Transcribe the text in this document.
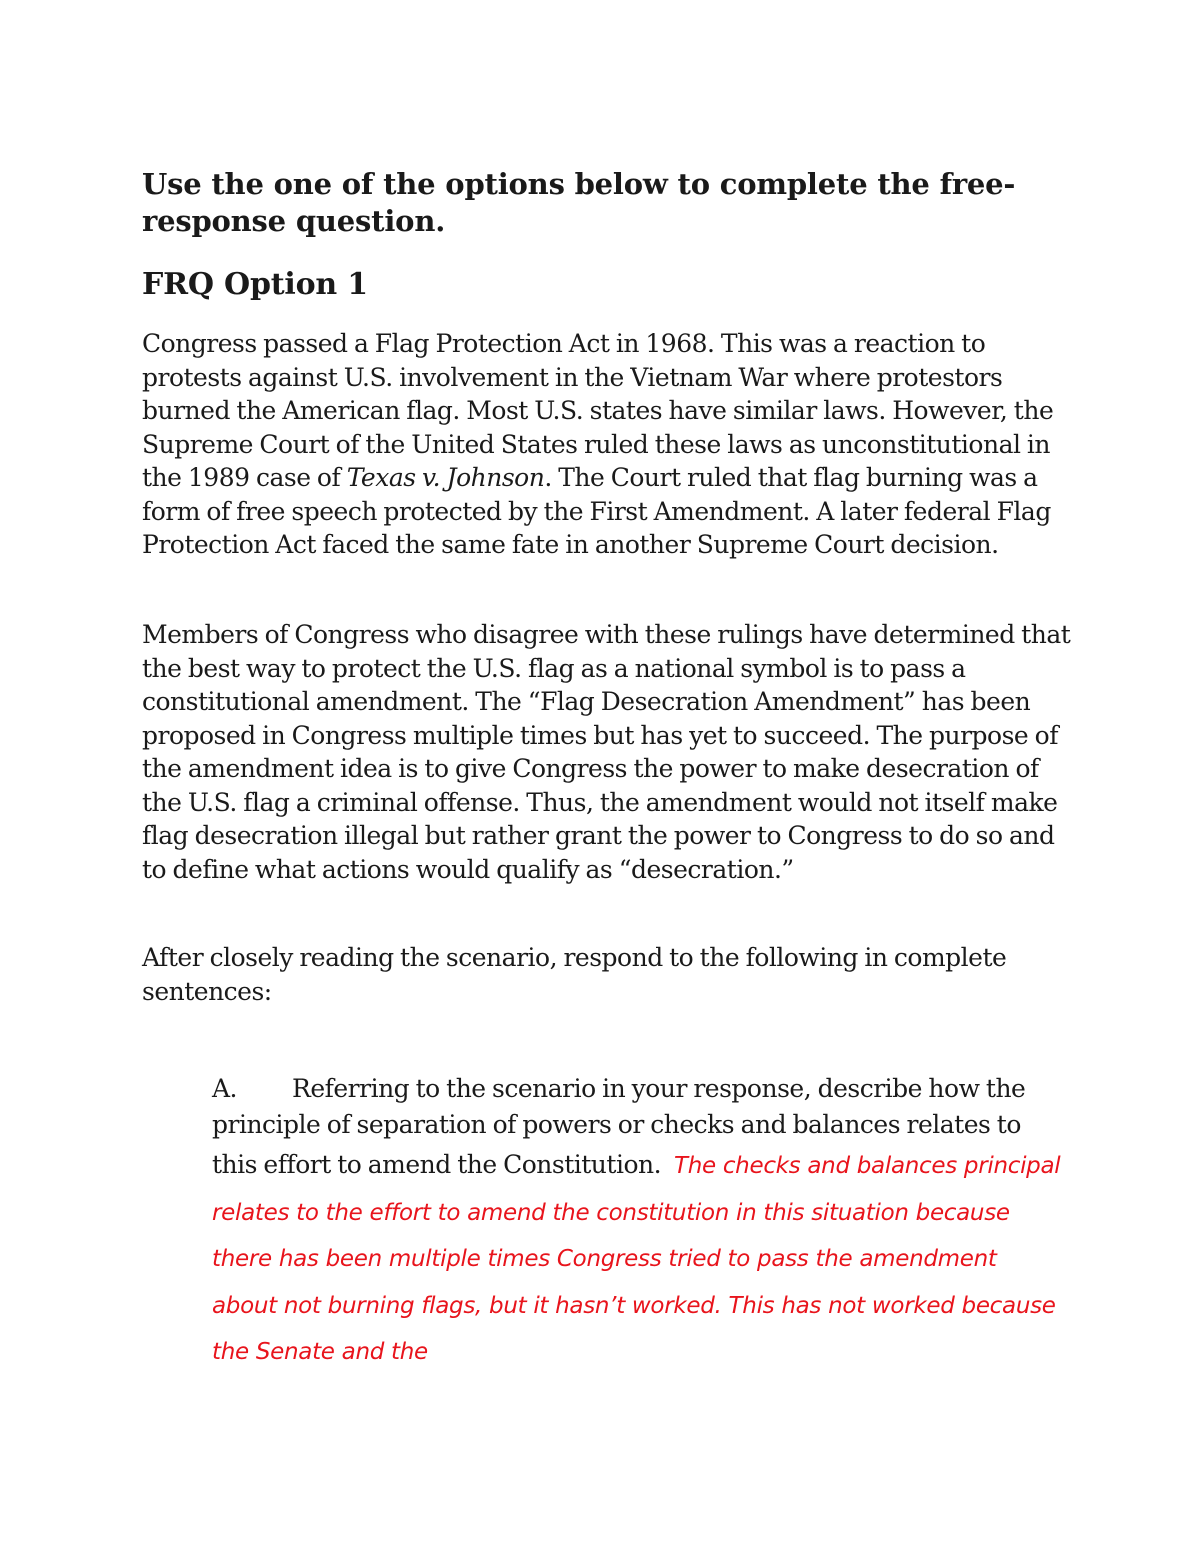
Use the one of the options below to complete the free-response question.
FRQ Option 1

Congress passed a Flag Protection Act in 1968. This was a reaction to protests against U.S. involvement in the Vietnam War where protestors burned the American flag. Most U.S. states have similar laws. However, the Supreme Court of the United States ruled these laws as unconstitutional in the 1989 case of Texas v. Johnson. The Court ruled that flag burning was a form of free speech protected by the First Amendment. A later federal Flag Protection Act faced the same fate in another Supreme Court decision.

Members of Congress who disagree with these rulings have determined that the best way to protect the U.S. flag as a national symbol is to pass a constitutional amendment. The “Flag Desecration Amendment” has been proposed in Congress multiple times but has yet to succeed. The purpose of the amendment idea is to give Congress the power to make desecration of the U.S. flag a criminal offense. Thus, the amendment would not itself make flag desecration illegal but rather grant the power to Congress to do so and to define what actions would qualify as “desecration.”

After closely reading the scenario, respond to the following in complete sentences:

A. Referring to the scenario in your response, describe how the principle of separation of powers or checks and balances relates to this effort to amend the Constitution. The checks and balances principal relates to the effort to amend the constitution in this situation because there has been multiple times Congress tried to pass the amendment about not burning flags, but it hasn’t worked. This has not worked because the Senate and the
